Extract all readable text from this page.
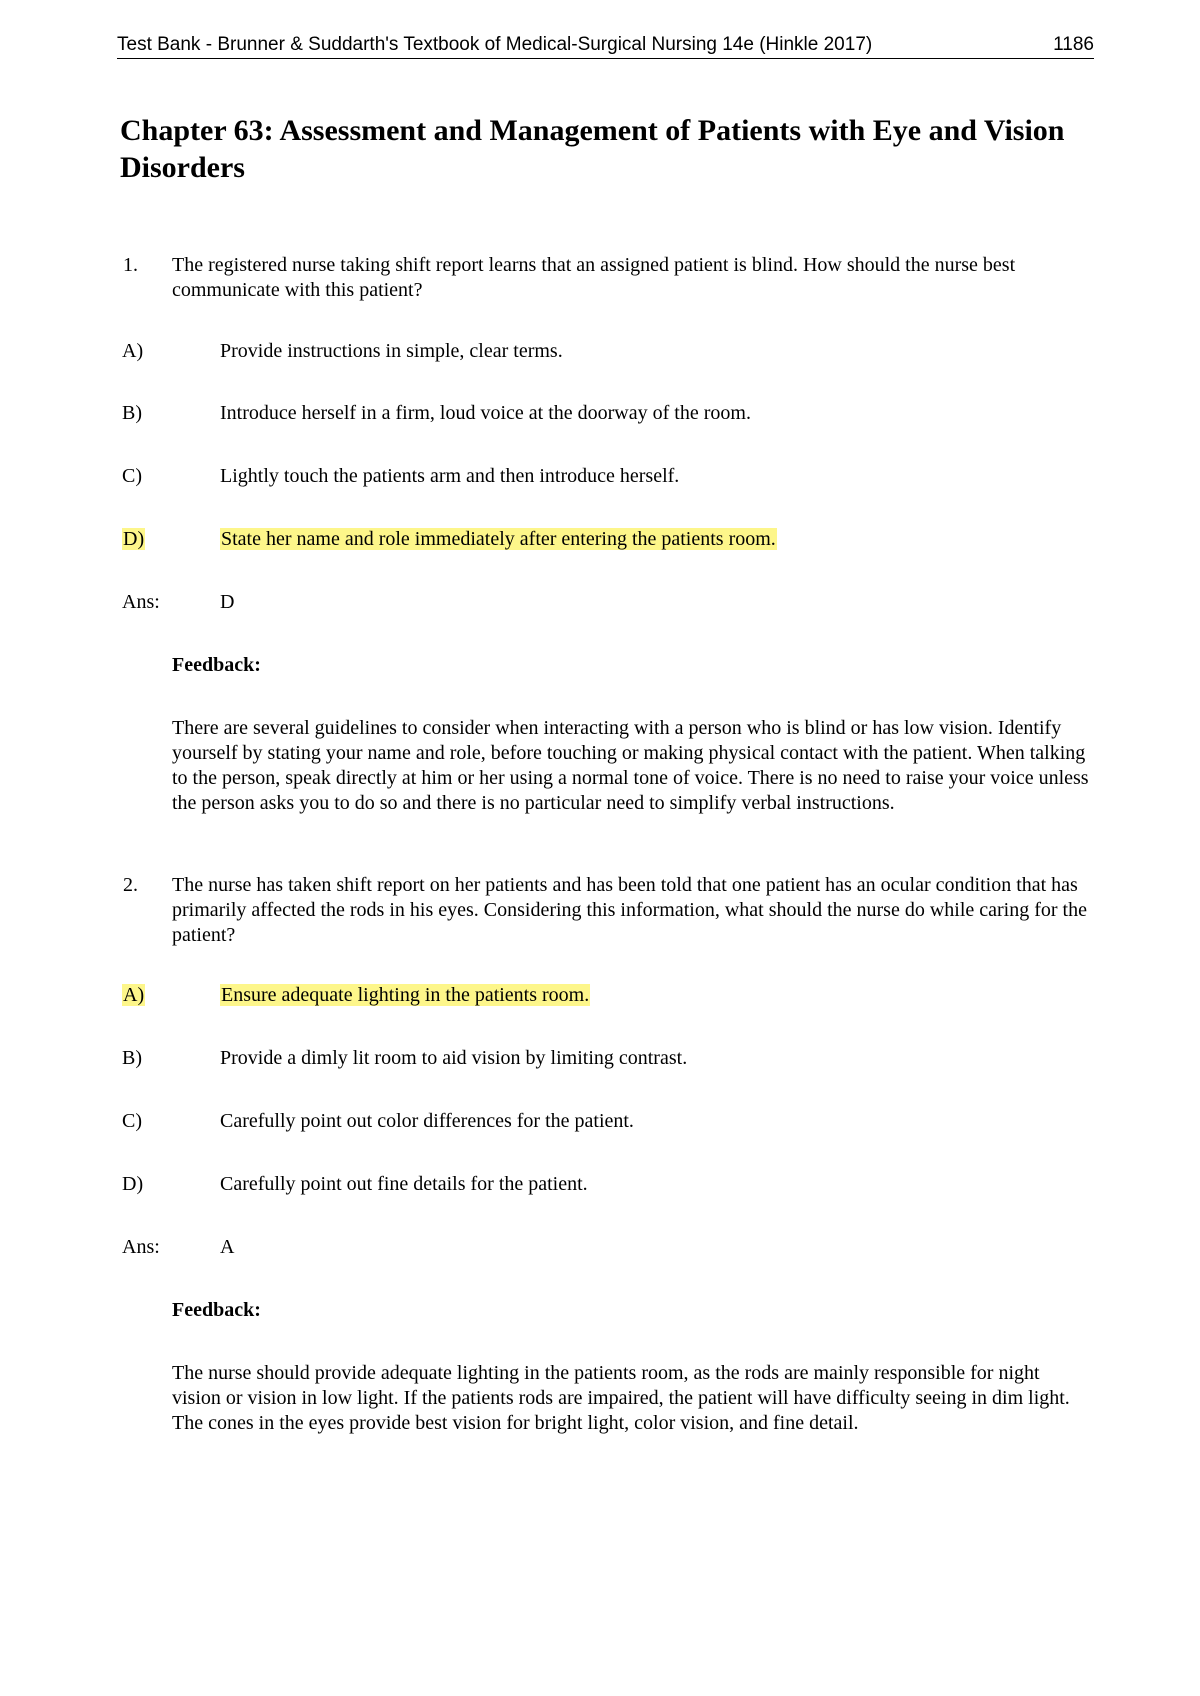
Test Bank - Brunner & Suddarth's Textbook of Medical-Surgical Nursing 14e (Hinkle 2017)	1186
Chapter 63: Assessment and Management of Patients with Eye and Vision Disorders
1. The registered nurse taking shift report learns that an assigned patient is blind. How should the nurse best communicate with this patient?
A)	Provide instructions in simple, clear terms.
B)	Introduce herself in a firm, loud voice at the doorway of the room.
C)	Lightly touch the patients arm and then introduce herself.
D)	State her name and role immediately after entering the patients room.
Ans:	D
Feedback:
There are several guidelines to consider when interacting with a person who is blind or has low vision. Identify yourself by stating your name and role, before touching or making physical contact with the patient. When talking to the person, speak directly at him or her using a normal tone of voice. There is no need to raise your voice unless the person asks you to do so and there is no particular need to simplify verbal instructions.
2. The nurse has taken shift report on her patients and has been told that one patient has an ocular condition that has primarily affected the rods in his eyes. Considering this information, what should the nurse do while caring for the patient?
A)	Ensure adequate lighting in the patients room.
B)	Provide a dimly lit room to aid vision by limiting contrast.
C)	Carefully point out color differences for the patient.
D)	Carefully point out fine details for the patient.
Ans:	A
Feedback:
The nurse should provide adequate lighting in the patients room, as the rods are mainly responsible for night vision or vision in low light. If the patients rods are impaired, the patient will have difficulty seeing in dim light. The cones in the eyes provide best vision for bright light, color vision, and fine detail.
